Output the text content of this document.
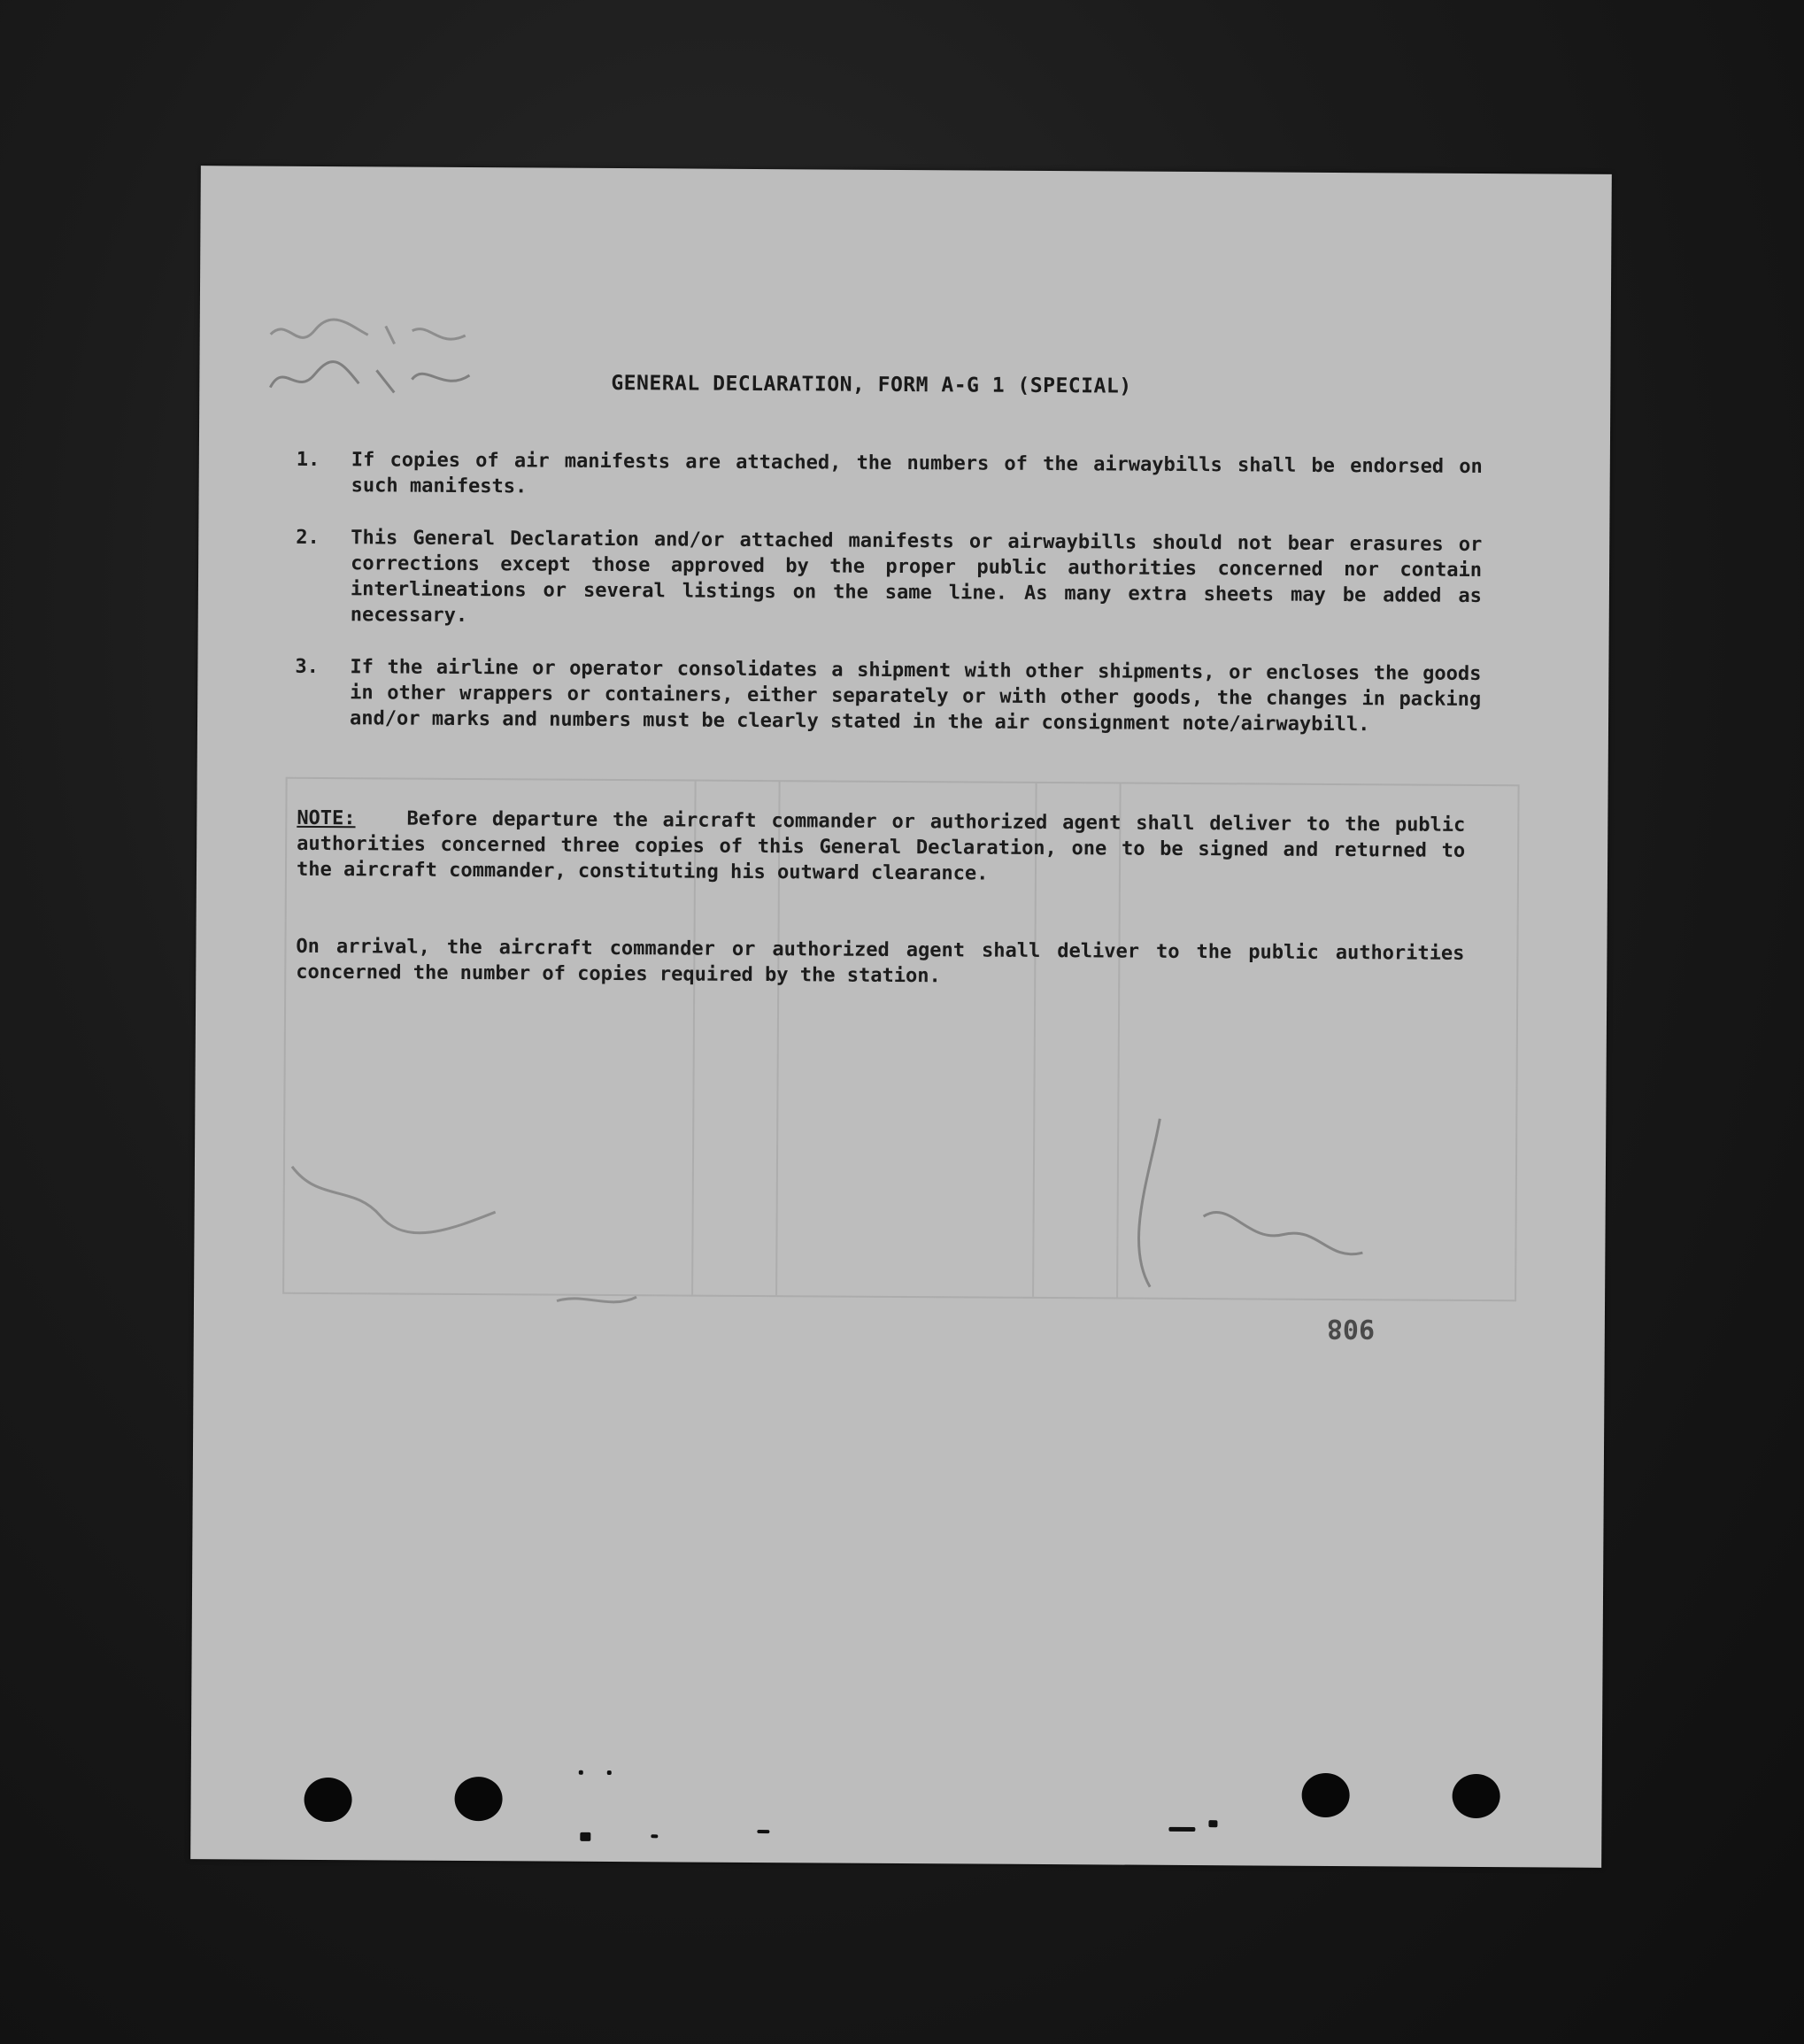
GENERAL DECLARATION, FORM A-G 1 (SPECIAL)
1. If copies of air manifests are attached, the numbers of the airwaybills shall be endorsed on such manifests.
2. This General Declaration and/or attached manifests or airwaybills should not bear erasures or corrections except those approved by the proper public authorities concerned nor contain interlineations or several listings on the same line. As many extra sheets may be added as necessary.
3. If the airline or operator consolidates a shipment with other shipments, or encloses the goods in other wrappers or containers, either separately or with other goods, the changes in packing and/or marks and numbers must be clearly stated in the air consignment note/airwaybill.
NOTE:	Before departure the aircraft commander or authorized agent shall deliver to the public authorities concerned three copies of this General Declaration, one to be signed and returned to the aircraft commander, constituting his outward clearance.
On arrival, the aircraft commander or authorized agent shall deliver to the public authorities concerned the number of copies required by the station.
908
